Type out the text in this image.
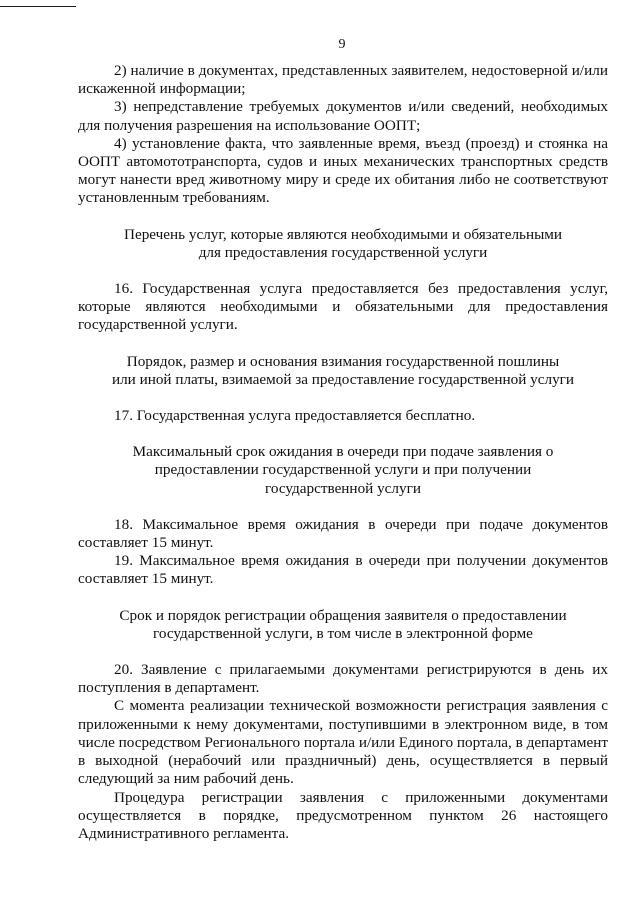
9

2) наличие в документах, представленных заявителем, недостоверной и/или искаженной информации;

3) непредставление требуемых документов и/или сведений, необходимых для получения разрешения на использование ООПТ;

4) установление факта, что заявленные время, въезд (проезд) и стоянка на ООПТ автомототранспорта, судов и иных механических транспортных средств могут нанести вред животному миру и среде их обитания либо не соответствуют установленным требованиям.

Перечень услуг, которые являются необходимыми и обязательными
для предоставления государственной услуги

16. Государственная услуга предоставляется без предоставления услуг, которые являются необходимыми и обязательными для предоставления государственной услуги.

Порядок, размер и основания взимания государственной пошлины
или иной платы, взимаемой за предоставление государственной услуги

17. Государственная услуга предоставляется бесплатно.

Максимальный срок ожидания в очереди при подаче заявления о
предоставлении государственной услуги и при получении
государственной услуги

18. Максимальное время ожидания в очереди при подаче документов составляет 15 минут.

19. Максимальное время ожидания в очереди при получении документов составляет 15 минут.

Срок и порядок регистрации обращения заявителя о предоставлении
государственной услуги, в том числе в электронной форме

20. Заявление с прилагаемыми документами регистрируются в день их поступления в департамент.

С момента реализации технической возможности регистрация заявления с приложенными к нему документами, поступившими в электронном виде, в том числе посредством Регионального портала и/или Единого портала, в департамент в выходной (нерабочий или праздничный) день, осуществляется в первый следующий за ним рабочий день.

Процедура регистрации заявления с приложенными документами осуществляется в порядке, предусмотренном пунктом 26 настоящего Административного регламента.
